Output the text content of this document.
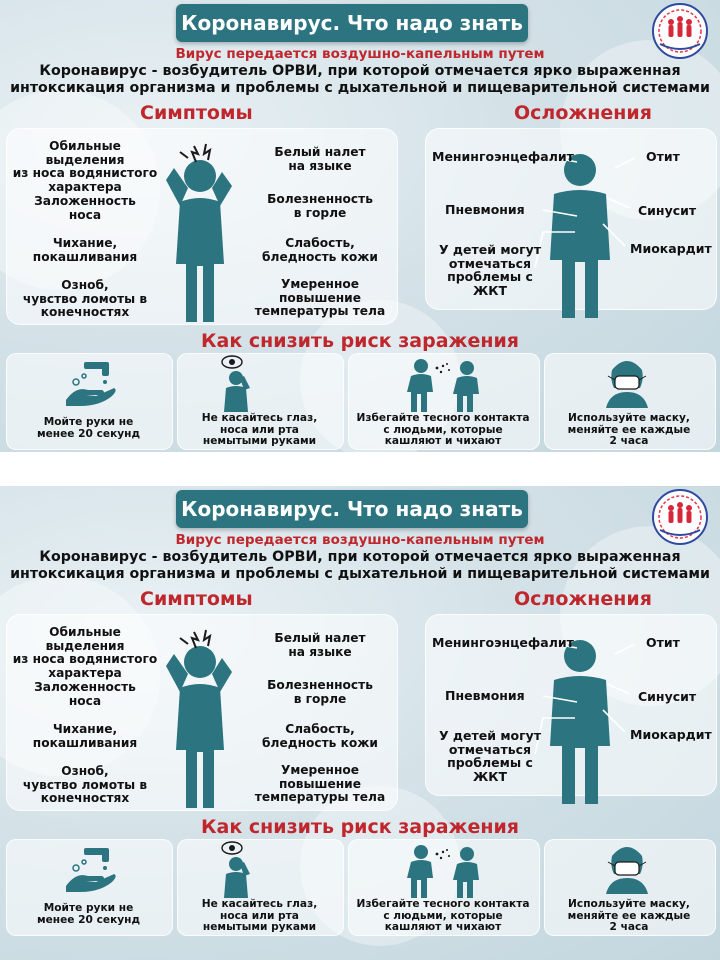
Коронавирус. Что надо знать
Вирус передается воздушно-капельным путем
Коронавирус - возбудитель ОРВИ, при которой отмечается ярко выраженная
интоксикация организма и проблемы с дыхательной и пищеварительной системами
Симптомы
Обильные выделения
из носа водянистого
характера
Заложенность
носа
Чихание,
покашливания
Озноб,
чувство ломоты в
конечностях
Белый налет
на языке
Болезненность
в горле
Слабость,
бледность кожи
Умеренное
повышение
температуры тела
Осложнения
Менингоэнцефалит
Пневмония
У детей могут
отмечаться
проблемы с
ЖКТ
Отит
Синусит
Миокардит
Как снизить риск заражения
Мойте руки не
менее 20 секунд
Не касайтесь глаз,
носа или рта
немытыми руками
Избегайте тесного контакта
с людьми, которые
кашляют и чихают
Используйте маску,
меняйте ее каждые
2 часа
Коронавирус. Что надо знать
Вирус передается воздушно-капельным путем
Коронавирус - возбудитель ОРВИ, при которой отмечается ярко выраженная
интоксикация организма и проблемы с дыхательной и пищеварительной системами
Симптомы
Обильные выделения
из носа водянистого
характера
Заложенность
носа
Чихание,
покашливания
Озноб,
чувство ломоты в
конечностях
Белый налет
на языке
Болезненность
в горле
Слабость,
бледность кожи
Умеренное
повышение
температуры тела
Осложнения
Менингоэнцефалит
Пневмония
У детей могут
отмечаться
проблемы с
ЖКТ
Отит
Синусит
Миокардит
Как снизить риск заражения
Мойте руки не
менее 20 секунд
Не касайтесь глаз,
носа или рта
немытыми руками
Избегайте тесного контакта
с людьми, которые
кашляют и чихают
Используйте маску,
меняйте ее каждые
2 часа
